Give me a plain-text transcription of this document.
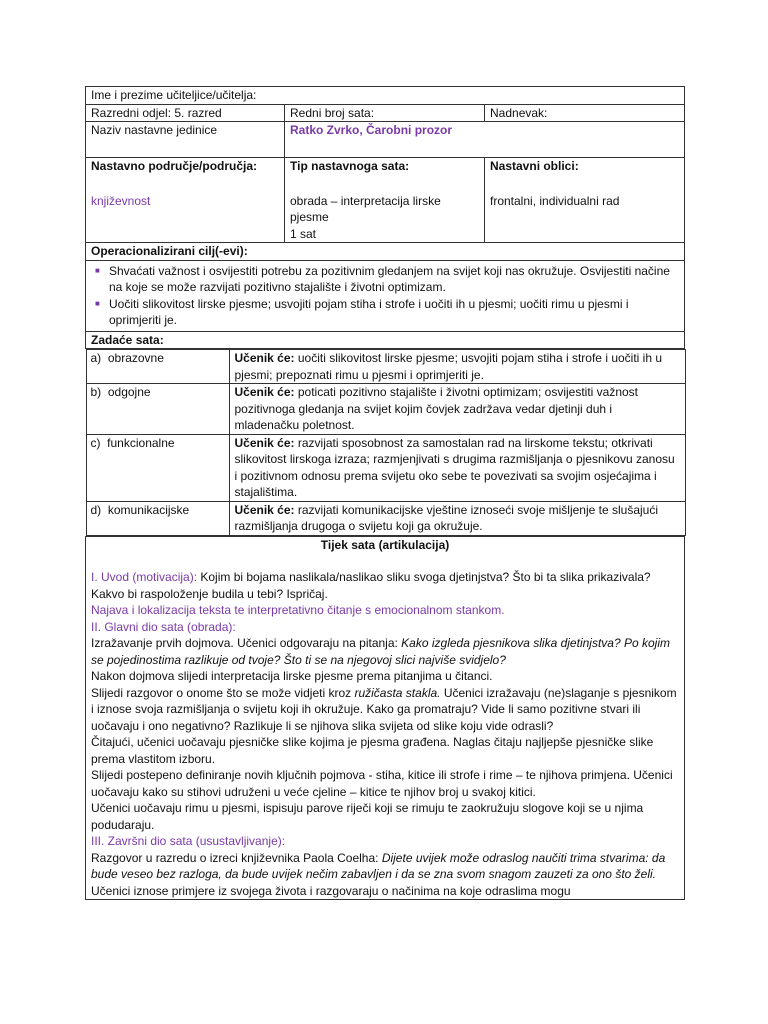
Ime i prezime učiteljice/učitelja:
Razredni odjel: 5. razred	Redni broj sata:	Nadnevak:
Naziv nastavne jedinice	Ratko Zvrko, Čarobni prozor

Nastavno područje/područja:
književnost

Tip nastavnoga sata:
obrada – interpretacija lirske pjesme
1 sat

Nastavni oblici:
frontalni, individualni rad

Operacionalizirani cilj(-evi):

■ Shvaćati važnost i osvijestiti potrebu za pozitivnim gledanjem na svijet koji nas okružuje. Osvijestiti načine na koje se može razvijati pozitivno stajalište i životni optimizam.
■ Uočiti slikovitost lirske pjesme; usvojiti pojam stiha i strofe i uočiti ih u pjesmi; uočiti rimu u pjesmi i oprimjeriti je.

Zadaće sata:

a) obrazovne	Učenik će: uočiti slikovitost lirske pjesme; usvojiti pojam stiha i strofe i uočiti ih u pjesmi; prepoznati rimu u pjesmi i oprimjeriti je.
b) odgojne	Učenik će: poticati pozitivno stajalište i životni optimizam; osvijestiti važnost pozitivnoga gledanja na svijet kojim čovjek zadržava vedar djetinji duh i mladenačku poletnost.
c) funkcionalne	Učenik će: razvijati sposobnost za samostalan rad na lirskome tekstu; otkrivati slikovitost lirskoga izraza; razmjenjivati s drugima razmišljanja o pjesnikovu zanosu i pozitivnom odnosu prema svijetu oko sebe te povezivati sa svojim osjećajima i stajalištima.
d) komunikacijske	Učenik će: razvijati komunikacijske vještine iznoseći svoje mišljenje te slušajući razmišljanja drugoga o svijetu koji ga okružuje.

Tijek sata (artikulacija)

I. Uvod (motivacija): Kojim bi bojama naslikala/naslikao sliku svoga djetinjstva? Što bi ta slika prikazivala? Kakvo bi raspoloženje budila u tebi? Ispričaj.

Najava i lokalizacija teksta te interpretativno čitanje s emocionalnom stankom.

II. Glavni dio sata (obrada):

Izražavanje prvih dojmova. Učenici odgovaraju na pitanja: Kako izgleda pjesnikova slika djetinjstva? Po kojim se pojedinostima razlikuje od tvoje? Što ti se na njegovoj slici najviše svidjelo?

Nakon dojmova slijedi interpretacija lirske pjesme prema pitanjima u čitanci.

Slijedi razgovor o onome što se može vidjeti kroz ružičasta stakla. Učenici izražavaju (ne)slaganje s pjesnikom i iznose svoja razmišljanja o svijetu koji ih okružuje. Kako ga promatraju? Vide li samo pozitivne stvari ili uočavaju i ono negativno? Razlikuje li se njihova slika svijeta od slike koju vide odrasli?

Čitajući, učenici uočavaju pjesničke slike kojima je pjesma građena. Naglas čitaju najljepše pjesničke slike prema vlastitom izboru.

Slijedi postepeno definiranje novih ključnih pojmova - stiha, kitice ili strofe i rime – te njihova primjena. Učenici uočavaju kako su stihovi udruženi u veće cjeline – kitice te njihov broj u svakoj kitici.

Učenici uočavaju rimu u pjesmi, ispisuju parove riječi koji se rimuju te zaokružuju slogove koji se u njima podudaraju.

III. Završni dio sata (usustavljivanje):

Razgovor u razredu o izreci književnika Paola Coelha: Dijete uvijek može odraslog naučiti trima stvarima: da bude veseo bez razloga, da bude uvijek nečim zabavljen i da se zna svom snagom zauzeti za ono što želi.

Učenici iznose primjere iz svojega života i razgovaraju o načinima na koje odraslima mogu
